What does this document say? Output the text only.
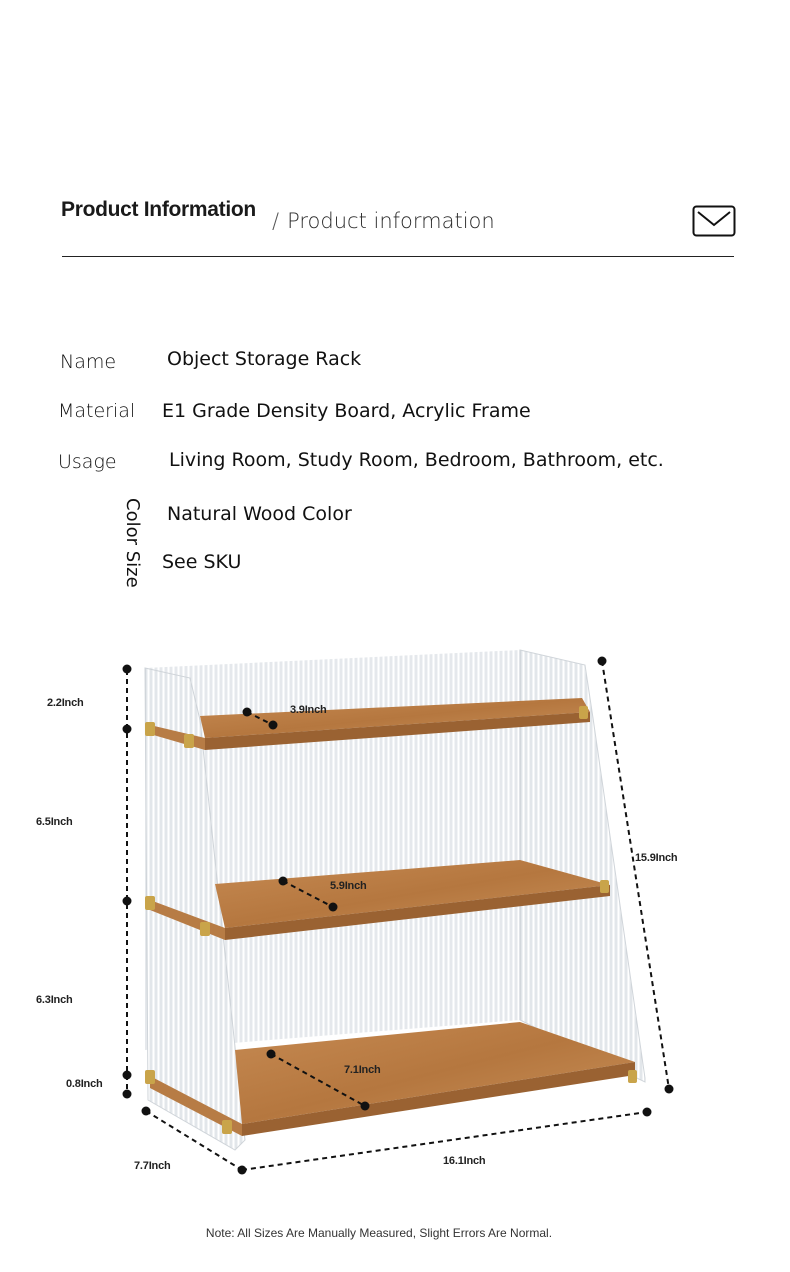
Product Information / Product information
Name	Object Storage Rack
Material E1 Grade Density Board, Acrylic Frame
Usage	Living Room, Study Room, Bedroom, Bathroom, etc.
Color Size Natural Wood Color
See SKU
2.2Inch
6.5Inch
6.3Inch
0.8Inch
3.9Inch
5.9Inch
7.1Inch
15.9Inch
7.7Inch	16.1Inch
Note: All Sizes Are Manually Measured, Slight Errors Are Normal.
